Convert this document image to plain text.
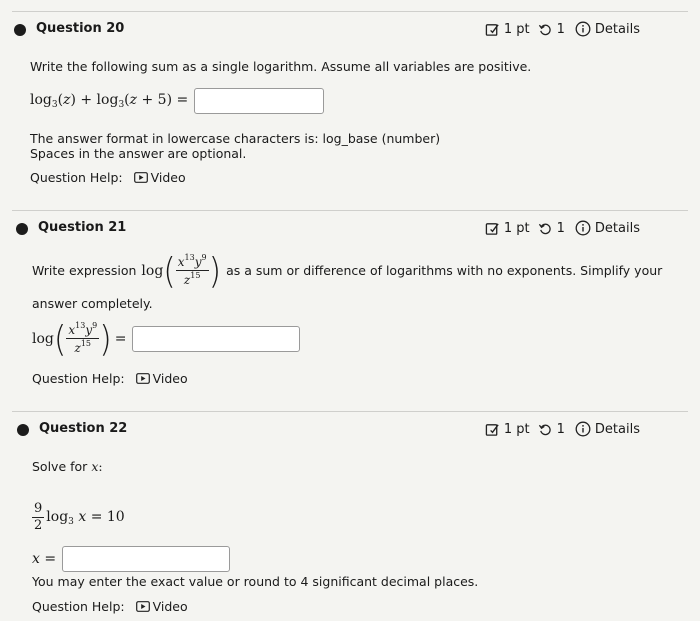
Question 20	1 pt 1 Details
Write the following sum as a single logarithm. Assume all variables are positive.
$\log_3(z) + \log_3(z + 5)$ =
The answer format in lowercase characters is: log_base (number)
Spaces in the answer are optional.
Question Help: Video
Question 21	1 pt 1 Details
Write expression log ( $\frac{x^{13}y^9}{z^{15}}$ ) as a sum or difference of logarithms with no exponents. Simplify your
answer completely.
log ( $\frac{x^{13}y^9}{z^{15}}$ ) =
Question Help: Video
Question 22	1 pt 1 Details
Solve for x:
$\frac{9}{2} \log_3 x = 10$
x =
You may enter the exact value or round to 4 significant decimal places.
Question Help: Video
